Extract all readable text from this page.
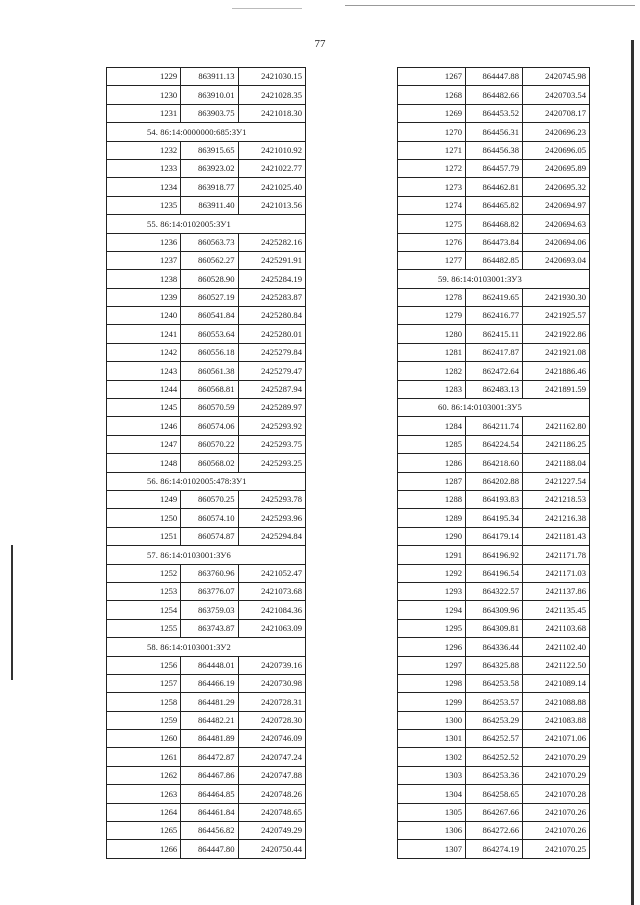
77
1229	863911.13	2421030.15
1230	863910.01	2421028.35
1231	863903.75	2421018.30
54. 86:14:0000000:685:ЗУ1		
1232	863915.65	2421010.92
1233	863923.02	2421022.77
1234	863918.77	2421025.40
1235	863911.40	2421013.56
55. 86:14:0102005:ЗУ1		
1236	860563.73	2425282.16
1237	860562.27	2425291.91
1238	860528.90	2425284.19
1239	860527.19	2425283.87
1240	860541.84	2425280.84
1241	860553.64	2425280.01
1242	860556.18	2425279.84
1243	860561.38	2425279.47
1244	860568.81	2425287.94
1245	860570.59	2425289.97
1246	860574.06	2425293.92
1247	860570.22	2425293.75
1248	860568.02	2425293.25
56. 86:14:0102005:478:ЗУ1		
1249	860570.25	2425293.78
1250	860574.10	2425293.96
1251	860574.87	2425294.84
57. 86:14:0103001:ЗУ6		
1252	863760.96	2421052.47
1253	863776.07	2421073.68
1254	863759.03	2421084.36
1255	863743.87	2421063.09
58. 86:14:0103001:ЗУ2		
1256	864448.01	2420739.16
1257	864466.19	2420730.98
1258	864481.29	2420728.31
1259	864482.21	2420728.30
1260	864481.89	2420746.09
1261	864472.87	2420747.24
1262	864467.86	2420747.88
1263	864464.85	2420748.26
1264	864461.84	2420748.65
1265	864456.82	2420749.29
1266	864447.80	2420750.44
1267	864447.88	2420745.98
1268	864482.66	2420703.54
1269	864453.52	2420708.17
1270	864456.31	2420696.23
1271	864456.38	2420696.05
1272	864457.79	2420695.89
1273	864462.81	2420695.32
1274	864465.82	2420694.97
1275	864468.82	2420694.63
1276	864473.84	2420694.06
1277	864482.85	2420693.04
59. 86:14:0103001:ЗУ3		
1278	862419.65	2421930.30
1279	862416.77	2421925.57
1280	862415.11	2421922.86
1281	862417.87	2421921.08
1282	862472.64	2421886.46
1283	862483.13	2421891.59
60. 86:14:0103001:ЗУ5		
1284	864211.74	2421162.80
1285	864224.54	2421186.25
1286	864218.60	2421188.04
1287	864202.88	2421227.54
1288	864193.83	2421218.53
1289	864195.34	2421216.38
1290	864179.14	2421181.43
1291	864196.92	2421171.78
1292	864196.54	2421171.03
1293	864322.57	2421137.86
1294	864309.96	2421135.45
1295	864309.81	2421103.68
1296	864336.44	2421102.40
1297	864325.88	2421122.50
1298	864253.58	2421089.14
1299	864253.57	2421088.88
1300	864253.29	2421083.88
1301	864252.57	2421071.06
1302	864252.52	2421070.29
1303	864253.36	2421070.29
1304	864258.65	2421070.28
1305	864267.66	2421070.26
1306	864272.66	2421070.26
1307	864274.19	2421070.25
